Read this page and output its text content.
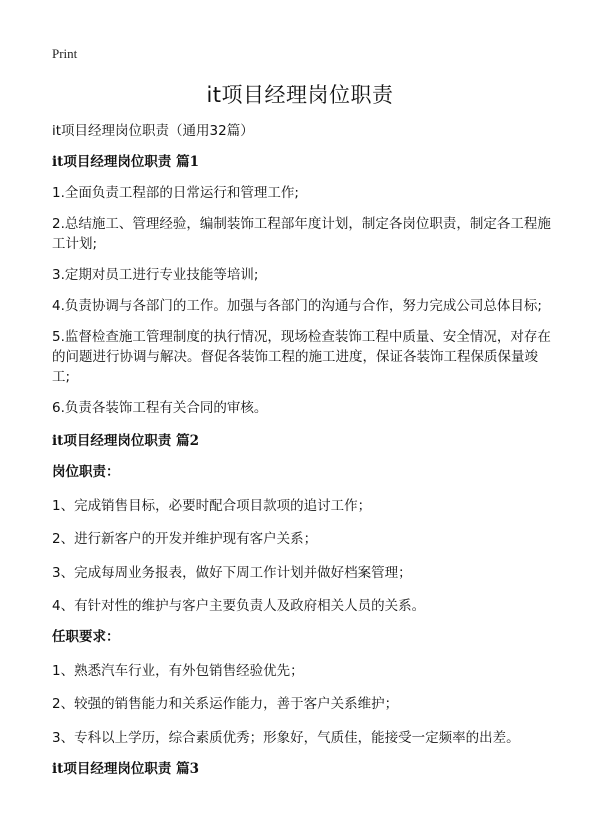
Print
it项目经理岗位职责

it项目经理岗位职责（通用32篇）

it项目经理岗位职责 篇1

1.全面负责工程部的日常运行和管理工作;

2.总结施工、管理经验，编制装饰工程部年度计划，制定各岗位职责，制定各工程施工计划;

3.定期对员工进行专业技能等培训;

4.负责协调与各部门的工作。加强与各部门的沟通与合作，努力完成公司总体目标;

5.监督检查施工管理制度的执行情况，现场检查装饰工程中质量、安全情况，对存在的问题进行协调与解决。督促各装饰工程的施工进度，保证各装饰工程保质保量竣工;

6.负责各装饰工程有关合同的审核。

it项目经理岗位职责 篇2
岗位职责：

1、完成销售目标，必要时配合项目款项的追讨工作；

2、进行新客户的开发并维护现有客户关系；

3、完成每周业务报表，做好下周工作计划并做好档案管理；

4、有针对性的维护与客户主要负责人及政府相关人员的关系。

任职要求：

1、熟悉汽车行业，有外包销售经验优先；

2、较强的销售能力和关系运作能力，善于客户关系维护；

3、专科以上学历，综合素质优秀；形象好，气质佳，能接受一定频率的出差。

it项目经理岗位职责 篇3
